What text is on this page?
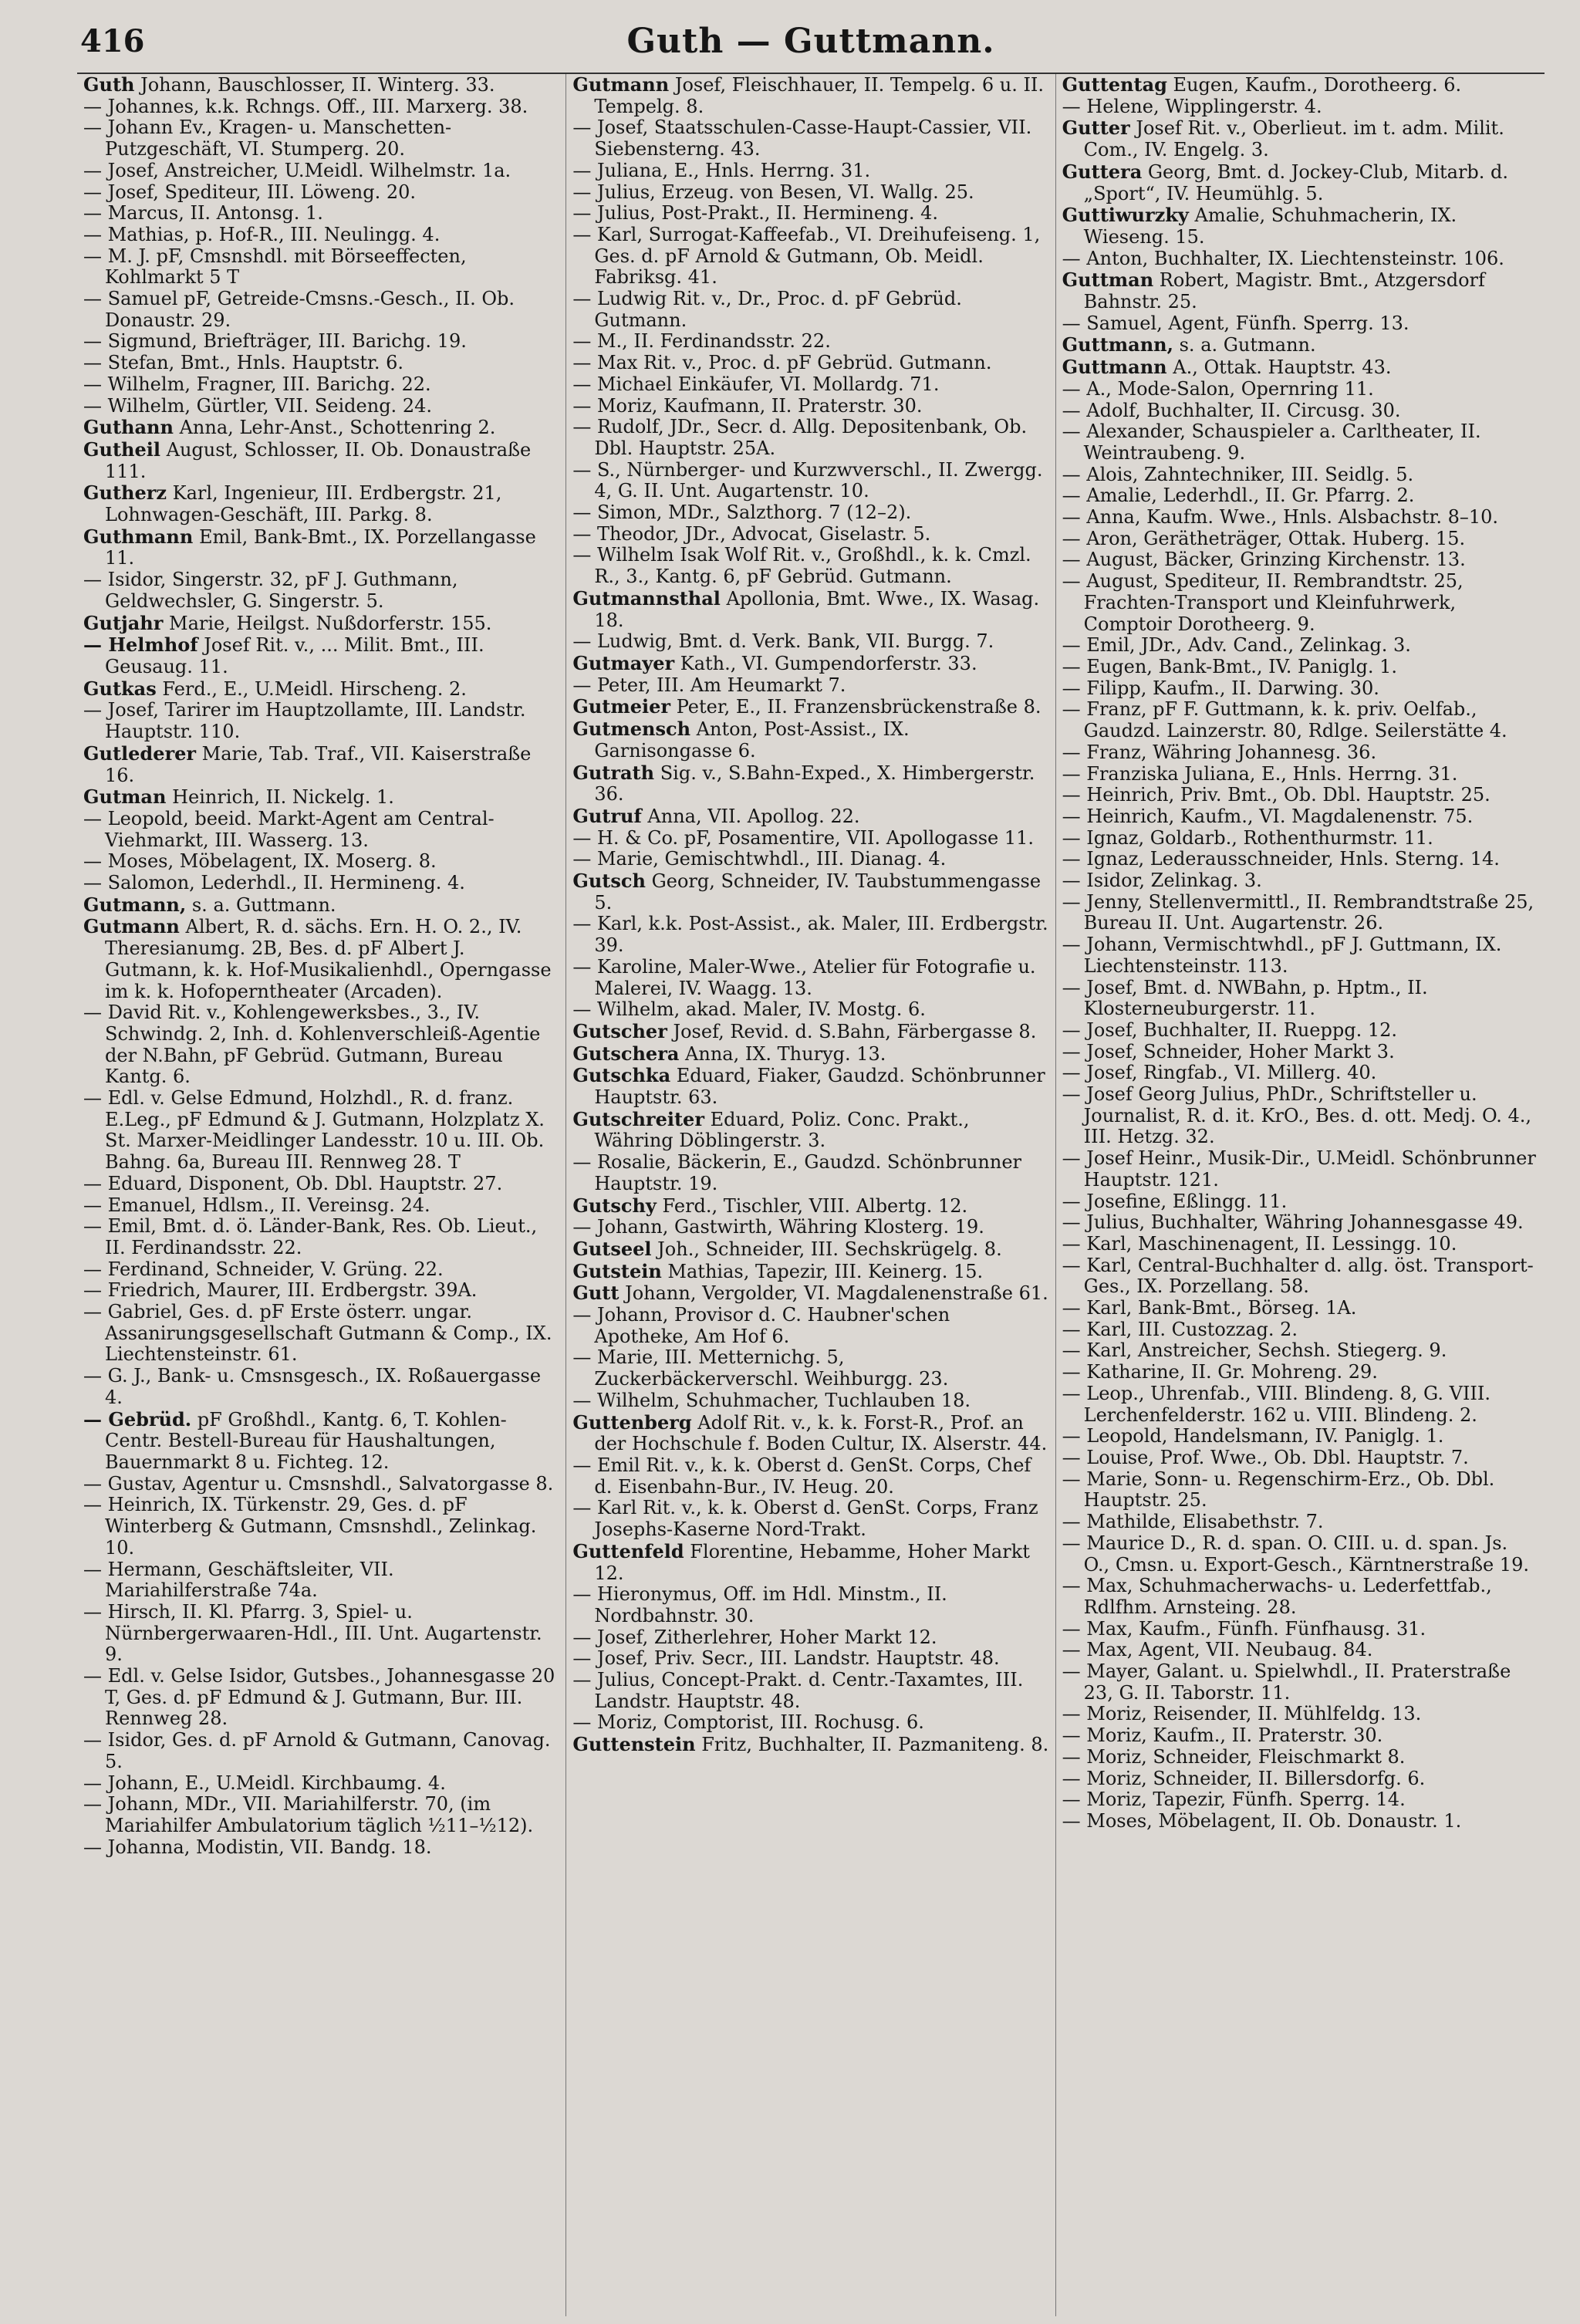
416	Guth — Guttmann.
Guth Johann, Bauschlosser, II. Winterg. 33.
— Johannes, k.k. Rchngs. Off., III. Marxerg. 38.
— Johann Ev., Kragen- u. Manschetten-Putzgeschäft, VI. Stumperg. 20.
— Josef, Anstreicher, U.Meidl. Wilhelmstr. 1a.
— Josef, Spediteur, III. Löweng. 20.
— Marcus, II. Antonsg. 1.
— Mathias, p. Hof-R., III. Neulingg. 4.
— M. J. pF, Cmsnshdl. mit Börseeffecten, Kohlmarkt 5 T
— Samuel pF, Getreide-Cmsns.-Gesch., II. Ob. Donaustr. 29.
— Sigmund, Briefträger, III. Barichg. 19.
— Stefan, Bmt., Hnls. Hauptstr. 6.
— Wilhelm, Fragner, III. Barichg. 22.
— Wilhelm, Gürtler, VII. Seideng. 24.
Guthann Anna, Lehr-Anst., Schottenring 2.
Gutheil August, Schlosser, II. Ob. Donaustraße 111.
Gutherz Karl, Ingenieur, III. Erdbergstr. 21, Lohnwagen-Geschäft, III. Parkg. 8.
Guthmann Emil, Bank-Bmt., IX. Porzellangasse 11.
— Isidor, Singerstr. 32, pF J. Guthmann, Geldwechsler, G. Singerstr. 5.
Gutjahr Marie, Heilgst. Nußdorferstr. 155.
— Helmhof Josef Rit. v., ... Milit. Bmt., III. Geusaug. 11.
Gutkas Ferd., E., U.Meidl. Hirscheng. 2.
— Josef, Tarirer im Hauptzollamte, III. Landstr. Hauptstr. 110.
Gutlederer Marie, Tab. Traf., VII. Kaiserstraße 16.
Gutman Heinrich, II. Nickelg. 1.
— Leopold, beeid. Markt-Agent am Central-Viehmarkt, III. Wasserg. 13.
— Moses, Möbelagent, IX. Moserg. 8.
— Salomon, Lederhdl., II. Hermineng. 4.
Gutmann, s. a. Guttmann.
Gutmann Albert, R. d. sächs. Ern. H. O. 2., IV. Theresianumg. 2B, Bes. d. pF Albert J. Gutmann, k. k. Hof-Musikalienhdl., Operngasse im k. k. Hofoperntheater (Arcaden).
— David Rit. v., Kohlengewerksbes., 3., IV. Schwindg. 2, Inh. d. Kohlenverschleiß-Agentie der N.Bahn, pF Gebrüd. Gutmann, Bureau Kantg. 6.
— Edl. v. Gelse Edmund, Holzhdl., R. d. franz. E.Leg., pF Edmund & J. Gutmann, Holzplatz X. St. Marxer-Meidlinger Landesstr. 10 u. III. Ob. Bahng. 6a, Bureau III. Rennweg 28. T
— Eduard, Disponent, Ob. Dbl. Hauptstr. 27.
— Emanuel, Hdlsm., II. Vereinsg. 24.
— Emil, Bmt. d. ö. Länder-Bank, Res. Ob. Lieut., II. Ferdinandsstr. 22.
— Ferdinand, Schneider, V. Grüng. 22.
— Friedrich, Maurer, III. Erdbergstr. 39A.
— Gabriel, Ges. d. pF Erste österr. ungar. Assanirungsgesellschaft Gutmann & Comp., IX. Liechtensteinstr. 61.
— G. J., Bank- u. Cmsnsgesch., IX. Roßauergasse 4.
— Gebrüd. pF Großhdl., Kantg. 6, T. Kohlen-Centr. Bestell-Bureau für Haushaltungen, Bauernmarkt 8 u. Fichteg. 12.
— Gustav, Agentur u. Cmsnshdl., Salvatorgasse 8.
— Heinrich, IX. Türkenstr. 29, Ges. d. pF Winterberg & Gutmann, Cmsnshdl., Zelinkag. 10.
— Hermann, Geschäftsleiter, VII. Mariahilferstraße 74a.
— Hirsch, II. Kl. Pfarrg. 3, Spiel- u. Nürnbergerwaaren-Hdl., III. Unt. Augartenstr. 9.
— Edl. v. Gelse Isidor, Gutsbes., Johannesgasse 20 T, Ges. d. pF Edmund & J. Gutmann, Bur. III. Rennweg 28.
— Isidor, Ges. d. pF Arnold & Gutmann, Canovag. 5.
— Johann, E., U.Meidl. Kirchbaumg. 4.
— Johann, MDr., VII. Mariahilferstr. 70, (im Mariahilfer Ambulatorium täglich ½11–½12).
— Johanna, Modistin, VII. Bandg. 18.
Gutmann Josef, Fleischhauer, II. Tempelg. 6 u. II. Tempelg. 8.
— Josef, Staatsschulen-Casse-Haupt-Cassier, VII. Siebensterng. 43.
— Juliana, E., Hnls. Herrng. 31.
— Julius, Erzeug. von Besen, VI. Wallg. 25.
— Julius, Post-Prakt., II. Hermineng. 4.
— Karl, Surrogat-Kaffeefab., VI. Dreihufeiseng. 1, Ges. d. pF Arnold & Gutmann, Ob. Meidl. Fabriksg. 41.
— Ludwig Rit. v., Dr., Proc. d. pF Gebrüd. Gutmann.
— M., II. Ferdinandsstr. 22.
— Max Rit. v., Proc. d. pF Gebrüd. Gutmann.
— Michael Einkäufer, VI. Mollardg. 71.
— Moriz, Kaufmann, II. Praterstr. 30.
— Rudolf, JDr., Secr. d. Allg. Depositenbank, Ob. Dbl. Hauptstr. 25A.
— S., Nürnberger- und Kurzwverschl., II. Zwergg. 4, G. II. Unt. Augartenstr. 10.
— Simon, MDr., Salzthorg. 7 (12–2).
— Theodor, JDr., Advocat, Giselastr. 5.
— Wilhelm Isak Wolf Rit. v., Großhdl., k. k. Cmzl. R., 3., Kantg. 6, pF Gebrüd. Gutmann.
Gutmannsthal Apollonia, Bmt. Wwe., IX. Wasag. 18.
— Ludwig, Bmt. d. Verk. Bank, VII. Burgg. 7.
Gutmayer Kath., VI. Gumpendorferstr. 33.
— Peter, III. Am Heumarkt 7.
Gutmeier Peter, E., II. Franzensbrückenstraße 8.
Gutmensch Anton, Post-Assist., IX. Garnisongasse 6.
Gutrath Sig. v., S.Bahn-Exped., X. Himbergerstr. 36.
Gutruf Anna, VII. Apollog. 22.
— H. & Co. pF, Posamentire, VII. Apollogasse 11.
— Marie, Gemischtwhdl., III. Dianag. 4.
Gutsch Georg, Schneider, IV. Taubstummengasse 5.
— Karl, k.k. Post-Assist., ak. Maler, III. Erdbergstr. 39.
— Karoline, Maler-Wwe., Atelier für Fotografie u. Malerei, IV. Waagg. 13.
— Wilhelm, akad. Maler, IV. Mostg. 6.
Gutscher Josef, Revid. d. S.Bahn, Färbergasse 8.
Gutschera Anna, IX. Thuryg. 13.
Gutschka Eduard, Fiaker, Gaudzd. Schönbrunner Hauptstr. 63.
Gutschreiter Eduard, Poliz. Conc. Prakt., Währing Döblingerstr. 3.
— Rosalie, Bäckerin, E., Gaudzd. Schönbrunner Hauptstr. 19.
Gutschy Ferd., Tischler, VIII. Albertg. 12.
— Johann, Gastwirth, Währing Klosterg. 19.
Gutseel Joh., Schneider, III. Sechskrügelg. 8.
Gutstein Mathias, Tapezir, III. Keinerg. 15.
Gutt Johann, Vergolder, VI. Magdalenenstraße 61.
— Johann, Provisor d. C. Haubner'schen Apotheke, Am Hof 6.
— Marie, III. Metternichg. 5, Zuckerbäckerverschl. Weihburgg. 23.
— Wilhelm, Schuhmacher, Tuchlauben 18.
Guttenberg Adolf Rit. v., k. k. Forst-R., Prof. an der Hochschule f. Boden Cultur, IX. Alserstr. 44.
— Emil Rit. v., k. k. Oberst d. GenSt. Corps, Chef d. Eisenbahn-Bur., IV. Heug. 20.
— Karl Rit. v., k. k. Oberst d. GenSt. Corps, Franz Josephs-Kaserne Nord-Trakt.
Guttenfeld Florentine, Hebamme, Hoher Markt 12.
— Hieronymus, Off. im Hdl. Minstm., II. Nordbahnstr. 30.
— Josef, Zitherlehrer, Hoher Markt 12.
— Josef, Priv. Secr., III. Landstr. Hauptstr. 48.
— Julius, Concept-Prakt. d. Centr.-Taxamtes, III. Landstr. Hauptstr. 48.
— Moriz, Comptorist, III. Rochusg. 6.
Guttenstein Fritz, Buchhalter, II. Pazmaniteng. 8.
Guttentag Eugen, Kaufm., Dorotheerg. 6.
— Helene, Wipplingerstr. 4.
Gutter Josef Rit. v., Oberlieut. im t. adm. Milit. Com., IV. Engelg. 3.
Guttera Georg, Bmt. d. Jockey-Club, Mitarb. d. „Sport“, IV. Heumühlg. 5.
Guttiwurzky Amalie, Schuhmacherin, IX. Wieseng. 15.
— Anton, Buchhalter, IX. Liechtensteinstr. 106.
Guttman Robert, Magistr. Bmt., Atzgersdorf Bahnstr. 25.
— Samuel, Agent, Fünfh. Sperrg. 13.
Guttmann, s. a. Gutmann.
Guttmann A., Ottak. Hauptstr. 43.
— A., Mode-Salon, Opernring 11.
— Adolf, Buchhalter, II. Circusg. 30.
— Alexander, Schauspieler a. Carltheater, II. Weintraubeng. 9.
— Alois, Zahntechniker, III. Seidlg. 5.
— Amalie, Lederhdl., II. Gr. Pfarrg. 2.
— Anna, Kaufm. Wwe., Hnls. Alsbachstr. 8–10.
— Aron, Gerätheträger, Ottak. Huberg. 15.
— August, Bäcker, Grinzing Kirchenstr. 13.
— August, Spediteur, II. Rembrandtstr. 25, Frachten-Transport und Kleinfuhrwerk, Comptoir Dorotheerg. 9.
— Emil, JDr., Adv. Cand., Zelinkag. 3.
— Eugen, Bank-Bmt., IV. Paniglg. 1.
— Filipp, Kaufm., II. Darwing. 30.
— Franz, pF F. Guttmann, k. k. priv. Oelfab., Gaudzd. Lainzerstr. 80, Rdlge. Seilerstätte 4.
— Franz, Währing Johannesg. 36.
— Franziska Juliana, E., Hnls. Herrng. 31.
— Heinrich, Priv. Bmt., Ob. Dbl. Hauptstr. 25.
— Heinrich, Kaufm., VI. Magdalenenstr. 75.
— Ignaz, Goldarb., Rothenthurmstr. 11.
— Ignaz, Lederausschneider, Hnls. Sterng. 14.
— Isidor, Zelinkag. 3.
— Jenny, Stellenvermittl., II. Rembrandtstraße 25, Bureau II. Unt. Augartenstr. 26.
— Johann, Vermischtwhdl., pF J. Guttmann, IX. Liechtensteinstr. 113.
— Josef, Bmt. d. NWBahn, p. Hptm., II. Klosterneuburgerstr. 11.
— Josef, Buchhalter, II. Rueppg. 12.
— Josef, Schneider, Hoher Markt 3.
— Josef, Ringfab., VI. Millerg. 40.
— Josef Georg Julius, PhDr., Schriftsteller u. Journalist, R. d. it. KrO., Bes. d. ott. Medj. O. 4., III. Hetzg. 32.
— Josef Heinr., Musik-Dir., U.Meidl. Schönbrunner Hauptstr. 121.
— Josefine, Eßlingg. 11.
— Julius, Buchhalter, Währing Johannesgasse 49.
— Karl, Maschinenagent, II. Lessingg. 10.
— Karl, Central-Buchhalter d. allg. öst. Transport-Ges., IX. Porzellang. 58.
— Karl, Bank-Bmt., Börseg. 1A.
— Karl, III. Custozzag. 2.
— Karl, Anstreicher, Sechsh. Stiegerg. 9.
— Katharine, II. Gr. Mohreng. 29.
— Leop., Uhrenfab., VIII. Blindeng. 8, G. VIII. Lerchenfelderstr. 162 u. VIII. Blindeng. 2.
— Leopold, Handelsmann, IV. Paniglg. 1.
— Louise, Prof. Wwe., Ob. Dbl. Hauptstr. 7.
— Marie, Sonn- u. Regenschirm-Erz., Ob. Dbl. Hauptstr. 25.
— Mathilde, Elisabethstr. 7.
— Maurice D., R. d. span. O. CIII. u. d. span. Js. O., Cmsn. u. Export-Gesch., Kärntnerstraße 19.
— Max, Schuhmacherwachs- u. Lederfettfab., Rdlfhm. Arnsteing. 28.
— Max, Kaufm., Fünfh. Fünfhausg. 31.
— Max, Agent, VII. Neubaug. 84.
— Mayer, Galant. u. Spielwhdl., II. Praterstraße 23, G. II. Taborstr. 11.
— Moriz, Reisender, II. Mühlfeldg. 13.
— Moriz, Kaufm., II. Praterstr. 30.
— Moriz, Schneider, Fleischmarkt 8.
— Moriz, Schneider, II. Billersdorfg. 6.
— Moriz, Tapezir, Fünfh. Sperrg. 14.
— Moses, Möbelagent, II. Ob. Donaustr. 1.
